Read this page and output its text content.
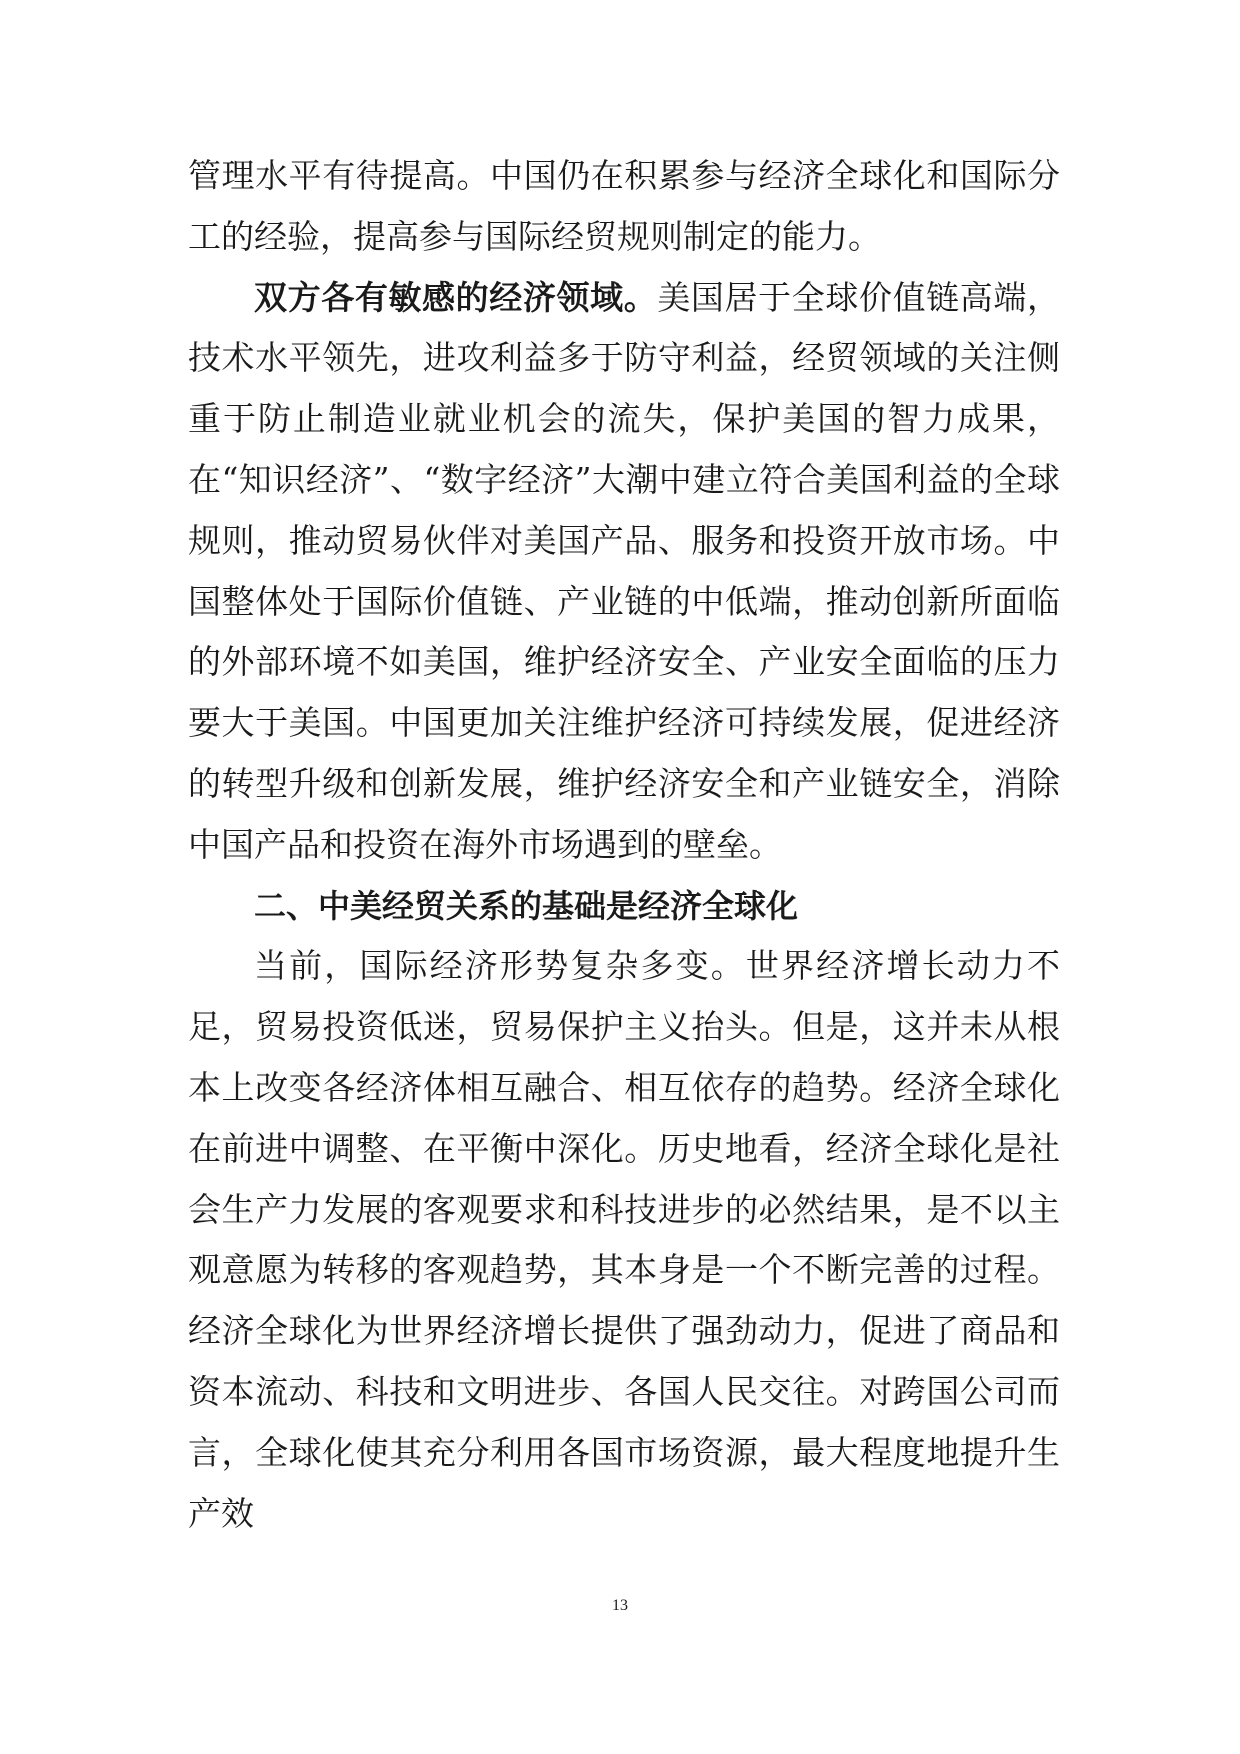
管理水平有待提高。中国仍在积累参与经济全球化和国际分工的经验，提高参与国际经贸规则制定的能力。

双方各有敏感的经济领域。美国居于全球价值链高端，技术水平领先，进攻利益多于防守利益，经贸领域的关注侧重于防止制造业就业机会的流失，保护美国的智力成果，在“知识经济”、“数字经济”大潮中建立符合美国利益的全球规则，推动贸易伙伴对美国产品、服务和投资开放市场。中国整体处于国际价值链、产业链的中低端，推动创新所面临的外部环境不如美国，维护经济安全、产业安全面临的压力要大于美国。中国更加关注维护经济可持续发展，促进经济的转型升级和创新发展，维护经济安全和产业链安全，消除中国产品和投资在海外市场遇到的壁垒。

二、中美经贸关系的基础是经济全球化

当前，国际经济形势复杂多变。世界经济增长动力不足，贸易投资低迷，贸易保护主义抬头。但是，这并未从根本上改变各经济体相互融合、相互依存的趋势。经济全球化在前进中调整、在平衡中深化。历史地看，经济全球化是社会生产力发展的客观要求和科技进步的必然结果，是不以主观意愿为转移的客观趋势，其本身是一个不断完善的过程。经济全球化为世界经济增长提供了强劲动力，促进了商品和资本流动、科技和文明进步、各国人民交往。对跨国公司而言，全球化使其充分利用各国市场资源，最大程度地提升生产效

13
